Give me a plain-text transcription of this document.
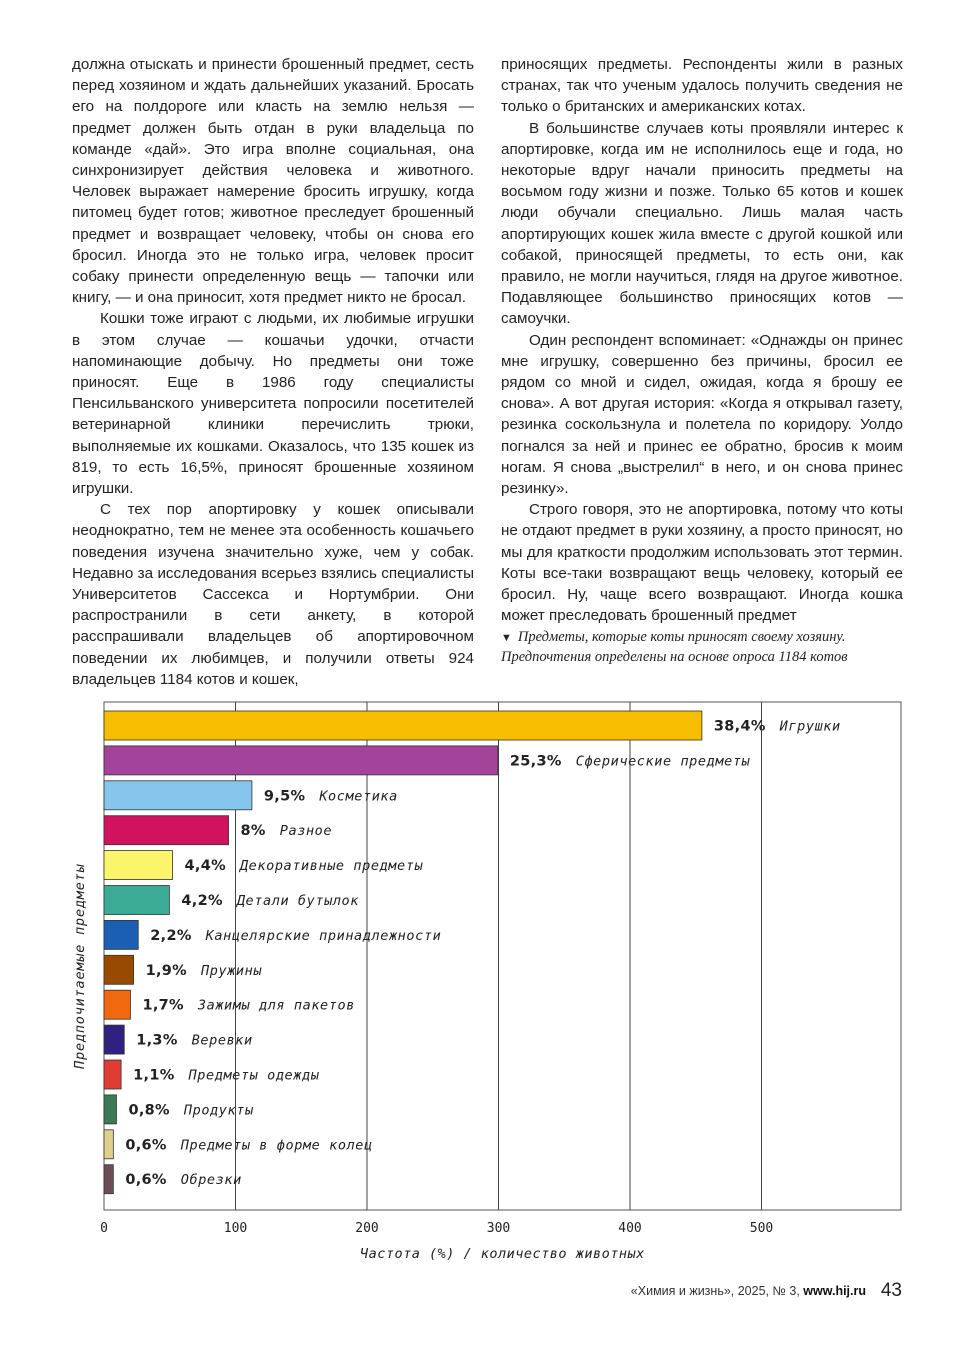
должна отыскать и принести брошенный предмет, сесть перед хозяином и ждать дальнейших указаний. Бросать его на полдороге или класть на землю нельзя — предмет должен быть отдан в руки владельца по команде «дай». Это игра вполне социальная, она синхронизирует действия человека и животного. Человек выражает намерение бросить игрушку, когда питомец будет готов; животное преследует брошенный предмет и возвращает человеку, чтобы он снова его бросил. Иногда это не только игра, человек просит собаку принести определенную вещь — тапочки или книгу, — и она приносит, хотя предмет никто не бросал.

Кошки тоже играют с людьми, их любимые игрушки в этом случае — кошачьи удочки, отчасти напоминающие добычу. Но предметы они тоже приносят. Еще в 1986 году специалисты Пенсильванского университета попросили посетителей ветеринарной клиники перечислить трюки, выполняемые их кошками. Оказалось, что 135 кошек из 819, то есть 16,5%, приносят брошенные хозяином игрушки.

С тех пор апортировку у кошек описывали неоднократно, тем не менее эта особенность кошачьего поведения изучена значительно хуже, чем у собак. Недавно за исследования всерьез взялись специалисты Университетов Сассекса и Нортумбрии. Они распространили в сети анкету, в которой расспрашивали владельцев об апортировочном поведении их любимцев, и получили ответы 924 владельцев 1184 котов и кошек,

приносящих предметы. Респонденты жили в разных странах, так что ученым удалось получить сведения не только о британских и американских котах.

В большинстве случаев коты проявляли интерес к апортировке, когда им не исполнилось еще и года, но некоторые вдруг начали приносить предметы на восьмом году жизни и позже. Только 65 котов и кошек люди обучали специально. Лишь малая часть апортирующих кошек жила вместе с другой кошкой или собакой, приносящей предметы, то есть они, как правило, не могли научиться, глядя на другое животное. Подавляющее большинство приносящих котов — самоучки.

Один респондент вспоминает: «Однажды он принес мне игрушку, совершенно без причины, бросил ее рядом со мной и сидел, ожидая, когда я брошу ее снова». А вот другая история: «Когда я открывал газету, резинка соскользнула и полетела по коридору. Уолдо погнался за ней и принес ее обратно, бросив к моим ногам. Я снова „выстрелил“ в него, и он снова принес резинку».

Строго говоря, это не апортировка, потому что коты не отдают предмет в руки хозяину, а просто приносят, но мы для краткости продолжим использовать этот термин. Коты все-таки возвращают вещь человеку, который ее бросил. Ну, чаще всего возвращают. Иногда кошка может преследовать брошенный предмет

▼ Предметы, которые коты приносят своему хозяину. Предпочтения определены на основе опроса 1184 котов
0	100	200	300	400	500
38,4% Игрушки
25,3% Сферические предметы
9,5% Косметика
8% Разное
4,4% Декоративные предметы
4,2% Детали бутылок
2,2% Канцелярские принадлежности
1,9% Пружины
1,7% Зажимы для пакетов
1,3% Веревки
1,1% Предметы одежды
0,8% Продукты
0,6% Предметы в форме колец
0,6% Обрезки
Частота (%) / количество животных
Предпочитаемые предметы
«Химия и жизнь», 2025, № 3, www.hij.ru 43
